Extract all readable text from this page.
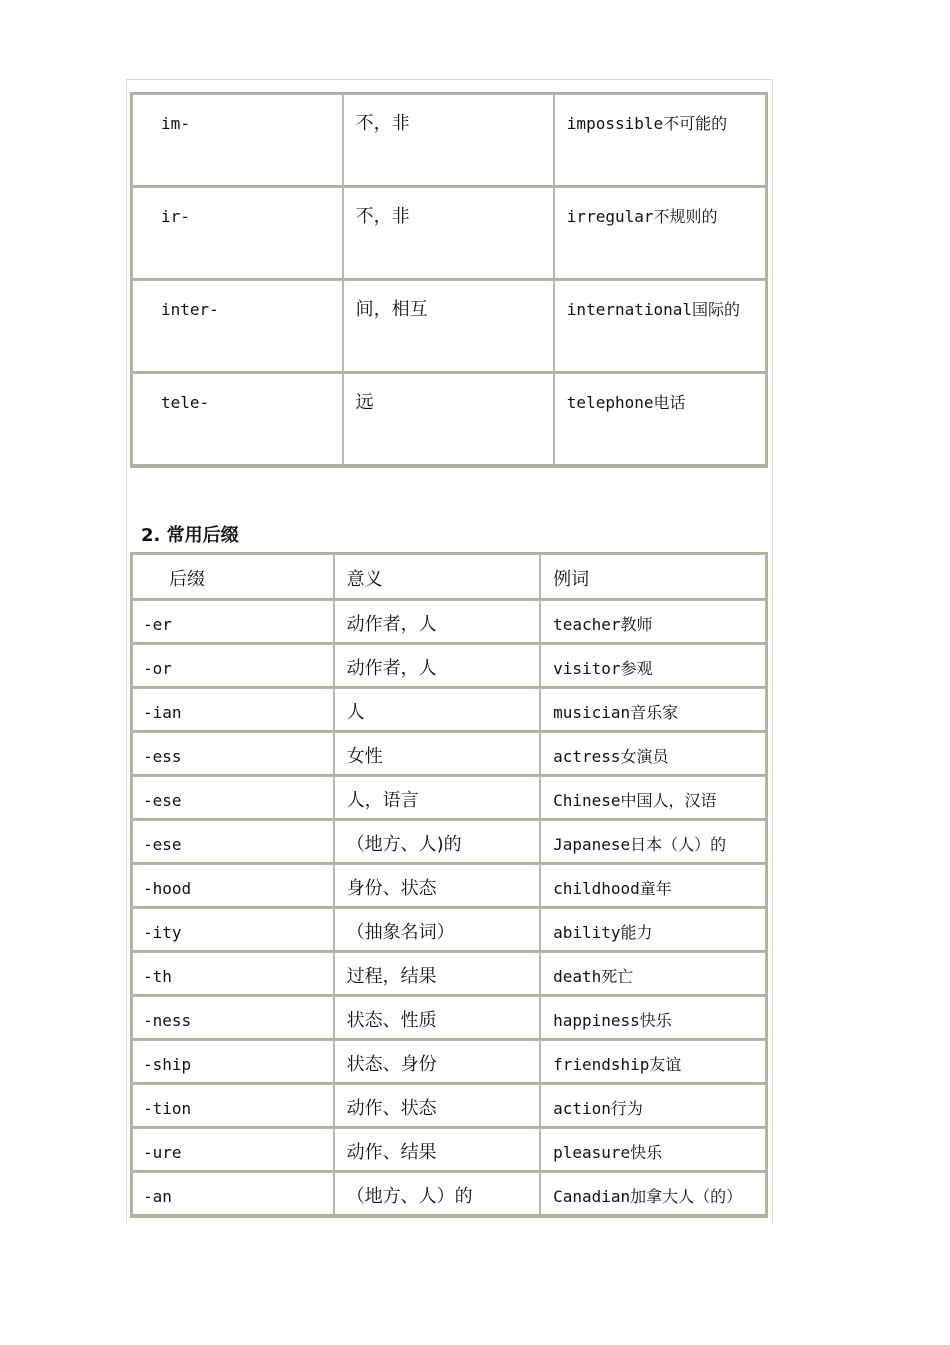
im-	不，非	impossible不可能的
ir-	不，非	irregular不规则的
inter-	间，相互	international国际的
tele-	远	telephone电话
2. 常用后缀
后缀	意义	例词
-er	动作者，人	teacher教师
-or	动作者，人	visitor参观
-ian	人	musician音乐家
-ess	女性	actress女演员
-ese	人，语言	Chinese中国人，汉语
-ese	（地方、人)的	Japanese日本（人）的
-hood	身份、状态	childhood童年
-ity	（抽象名词）	ability能力
-th	过程，结果	death死亡
-ness	状态、性质	happiness快乐
-ship	状态、身份	friendship友谊
-tion	动作、状态	action行为
-ure	动作、结果	pleasure快乐
-an	（地方、人）的	Canadian加拿大人（的）
